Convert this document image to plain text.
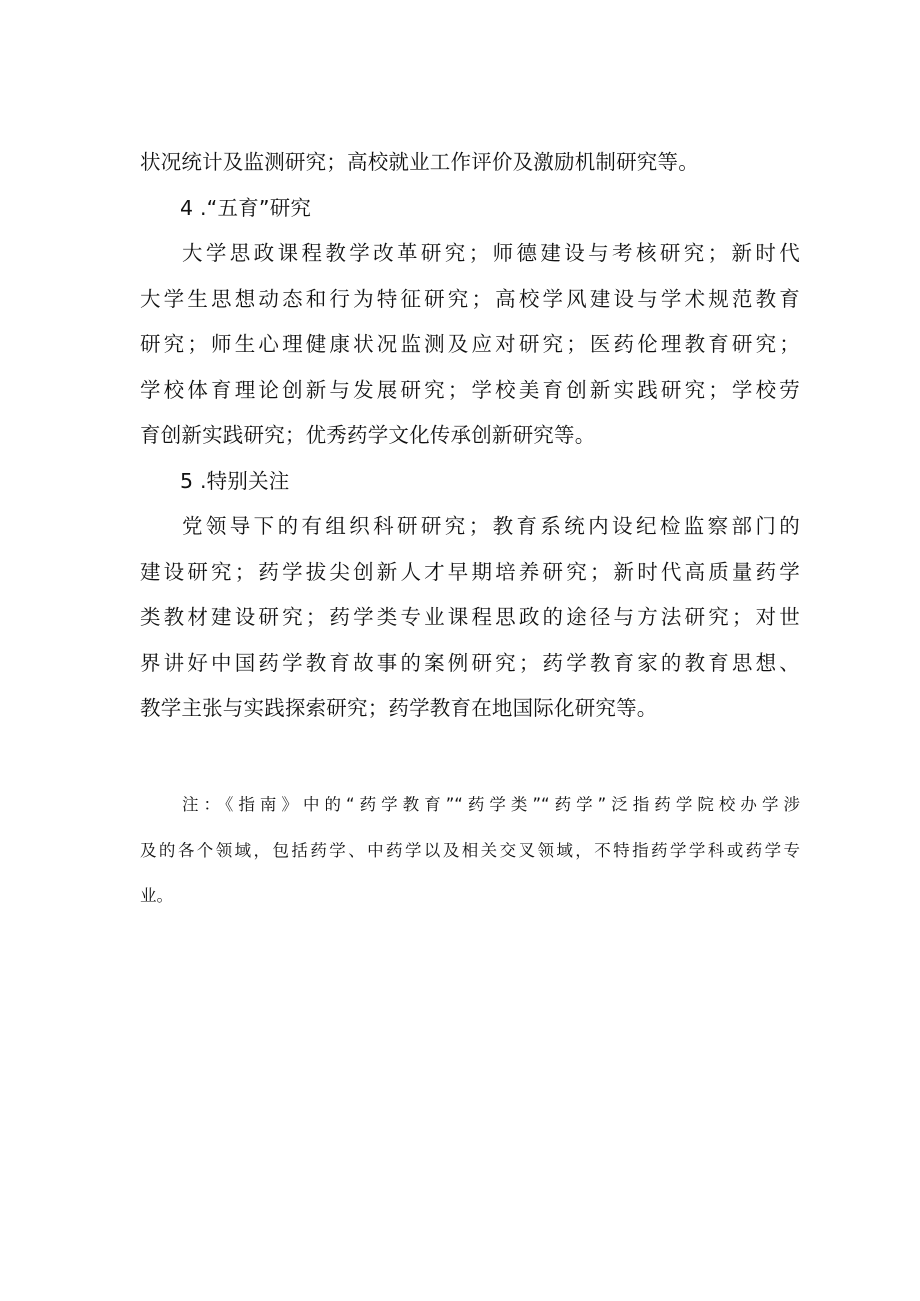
状况统计及监测研究；高校就业工作评价及激励机制研究等。
4 .“五育”研究
大学思政课程教学改革研究；师德建设与考核研究；新时代
大学生思想动态和行为特征研究；高校学风建设与学术规范教育
研究；师生心理健康状况监测及应对研究；医药伦理教育研究；
学校体育理论创新与发展研究；学校美育创新实践研究；学校劳
育创新实践研究；优秀药学文化传承创新研究等。
5 .特别关注
党领导下的有组织科研研究；教育系统内设纪检监察部门的
建设研究；药学拔尖创新人才早期培养研究；新时代高质量药学
类教材建设研究；药学类专业课程思政的途径与方法研究；对世
界讲好中国药学教育故事的案例研究；药学教育家的教育思想、
教学主张与实践探索研究；药学教育在地国际化研究等。
注：《指南》中的“药学教育”“药学类”“药学”泛指药学院校办学涉
及的各个领域，包括药学、中药学以及相关交叉领域，不特指药学学科或药学专
业。
